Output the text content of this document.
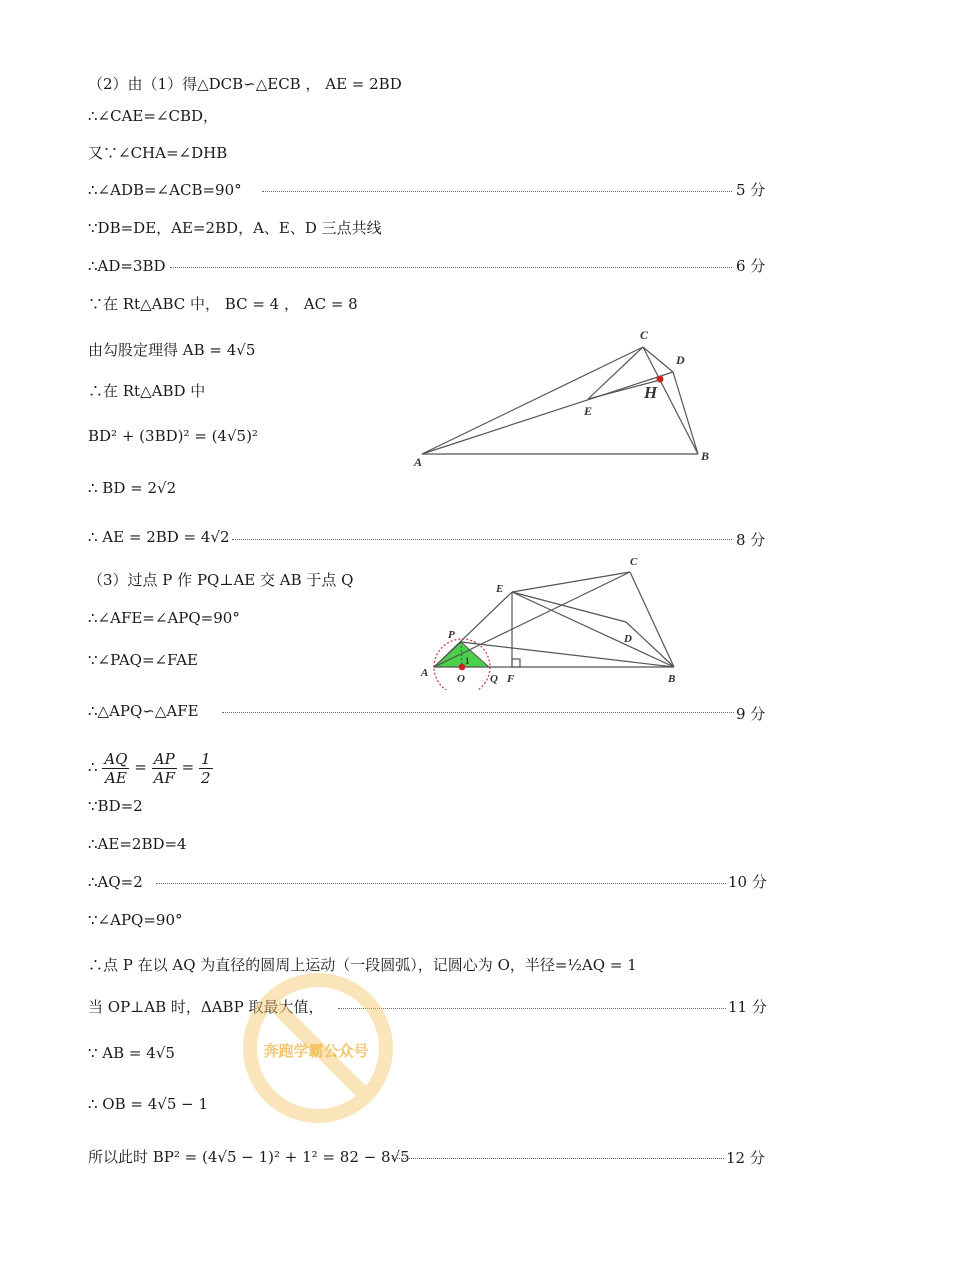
（2）由（1）得△DCB∽△ECB ， AE = 2BD
∴∠CAE=∠CBD，
又∵∠CHA=∠DHB
∴∠ADB=∠ACB=90°	5 分
∵DB=DE，AE=2BD，A、E、D 三点共线
∴AD=3BD	6 分
∵在 Rt△ABC 中， BC = 4 ， AC = 8
由勾股定理得 AB = 4√5
∴在 Rt△ABD 中
BD² + (3BD)² = (4√5)²
∴ BD = 2√2
∴ AE = 2BD = 4√2	8 分
（3）过点 P 作 PQ⊥AE 交 AB 于点 Q
∴∠AFE=∠APQ=90°
∵∠PAQ=∠FAE
∴△APQ∽△AFE	9 分
∴ $\frac{AQ}{AE} = \frac{AP}{AF} = \frac{1}{2}$
∵BD=2
∴AE=2BD=4
∴AQ=2	10 分
∵∠APQ=90°
∴点 P 在以 AQ 为直径的圆周上运动（一段圆弧），记圆心为 O，半径=½AQ = 1
当 OP⊥AB 时，ΔABP 取最大值，	11 分
∵ AB = 4√5
∴ OB = 4√5 − 1
所以此时 BP² = (4√5 − 1)² + 1² = 82 − 8√5	12 分
A	B
C
D
E
H
A	B
C
D
E
F
P
O Q
1
奔跑学霸公众号
